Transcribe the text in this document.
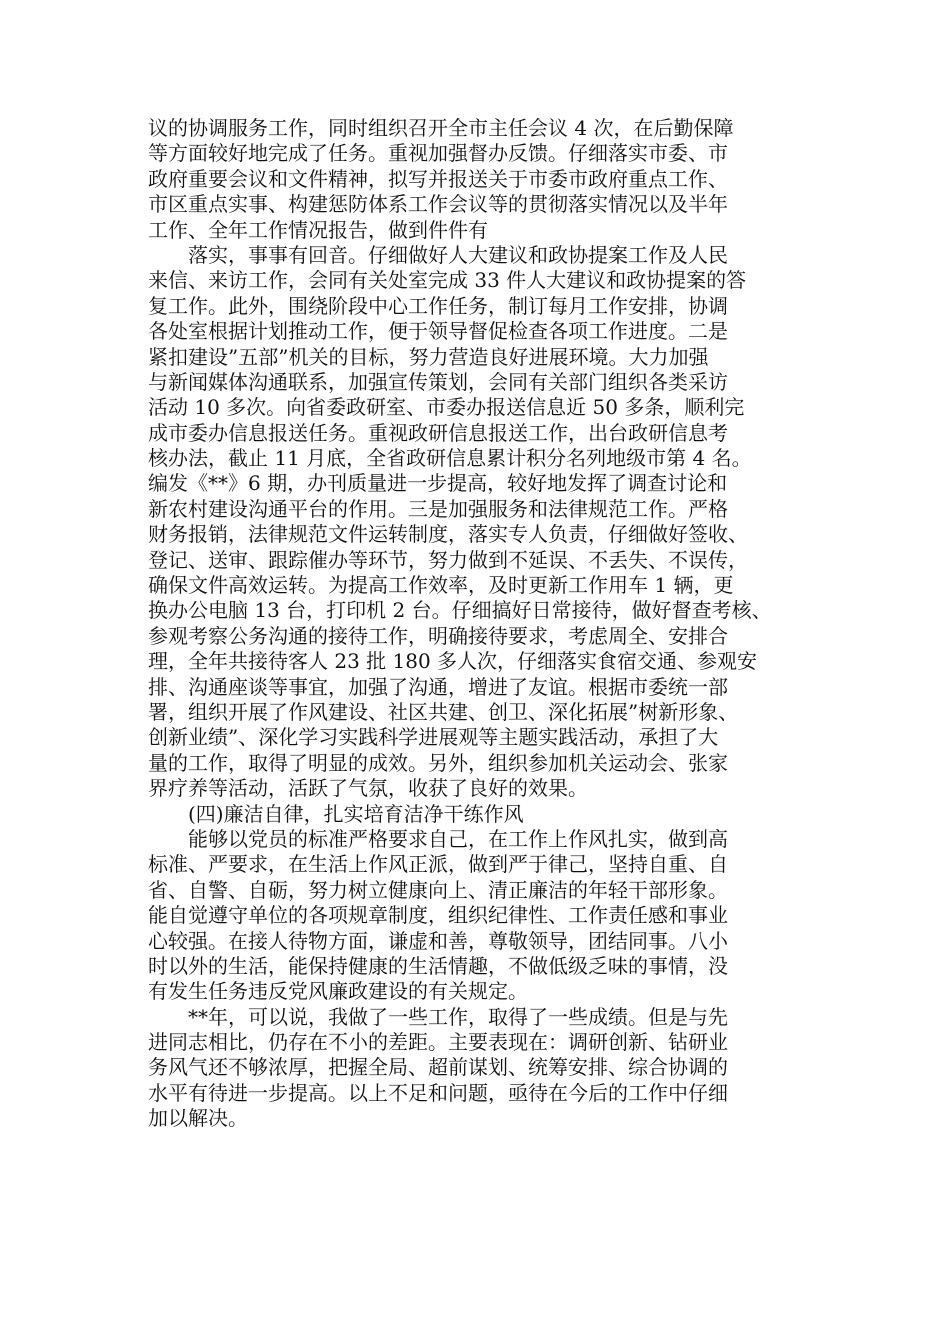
议的协调服务工作，同时组织召开全市主任会议 4 次，在后勤保障
等方面较好地完成了任务。重视加强督办反馈。仔细落实市委、市
政府重要会议和文件精神，拟写并报送关于市委市政府重点工作、
市区重点实事、构建惩防体系工作会议等的贯彻落实情况以及半年
工作、全年工作情况报告，做到件件有
落实，事事有回音。仔细做好人大建议和政协提案工作及人民
来信、来访工作，会同有关处室完成 33 件人大建议和政协提案的答
复工作。此外，围绕阶段中心工作任务，制订每月工作安排，协调
各处室根据计划推动工作，便于领导督促检查各项工作进度。二是
紧扣建设”五部”机关的目标，努力营造良好进展环境。大力加强
与新闻媒体沟通联系，加强宣传策划，会同有关部门组织各类采访
活动 10 多次。向省委政研室、市委办报送信息近 50 多条，顺利完
成市委办信息报送任务。重视政研信息报送工作，出台政研信息考
核办法，截止 11 月底，全省政研信息累计积分名列地级市第 4 名。
编发《**》6 期，办刊质量进一步提高，较好地发挥了调查讨论和
新农村建设沟通平台的作用。三是加强服务和法律规范工作。严格
财务报销，法律规范文件运转制度，落实专人负责，仔细做好签收、
登记、送审、跟踪催办等环节，努力做到不延误、不丢失、不误传，
确保文件高效运转。为提高工作效率，及时更新工作用车 1 辆，更
换办公电脑 13 台，打印机 2 台。仔细搞好日常接待，做好督查考核、
参观考察公务沟通的接待工作，明确接待要求，考虑周全、安排合
理，全年共接待客人 23 批 180 多人次，仔细落实食宿交通、参观安
排、沟通座谈等事宜，加强了沟通，增进了友谊。根据市委统一部
署，组织开展了作风建设、社区共建、创卫、深化拓展”树新形象、
创新业绩”、深化学习实践科学进展观等主题实践活动，承担了大
量的工作，取得了明显的成效。另外，组织参加机关运动会、张家
界疗养等活动，活跃了气氛，收获了良好的效果。
(四)廉洁自律，扎实培育洁净干练作风
能够以党员的标准严格要求自己，在工作上作风扎实，做到高
标准、严要求，在生活上作风正派，做到严于律己，坚持自重、自
省、自警、自砺，努力树立健康向上、清正廉洁的年轻干部形象。
能自觉遵守单位的各项规章制度，组织纪律性、工作责任感和事业
心较强。在接人待物方面，谦虚和善，尊敬领导，团结同事。八小
时以外的生活，能保持健康的生活情趣，不做低级乏味的事情，没
有发生任务违反党风廉政建设的有关规定。
**年，可以说，我做了一些工作，取得了一些成绩。但是与先
进同志相比，仍存在不小的差距。主要表现在：调研创新、钻研业
务风气还不够浓厚，把握全局、超前谋划、统筹安排、综合协调的
水平有待进一步提高。以上不足和问题，亟待在今后的工作中仔细
加以解决。
